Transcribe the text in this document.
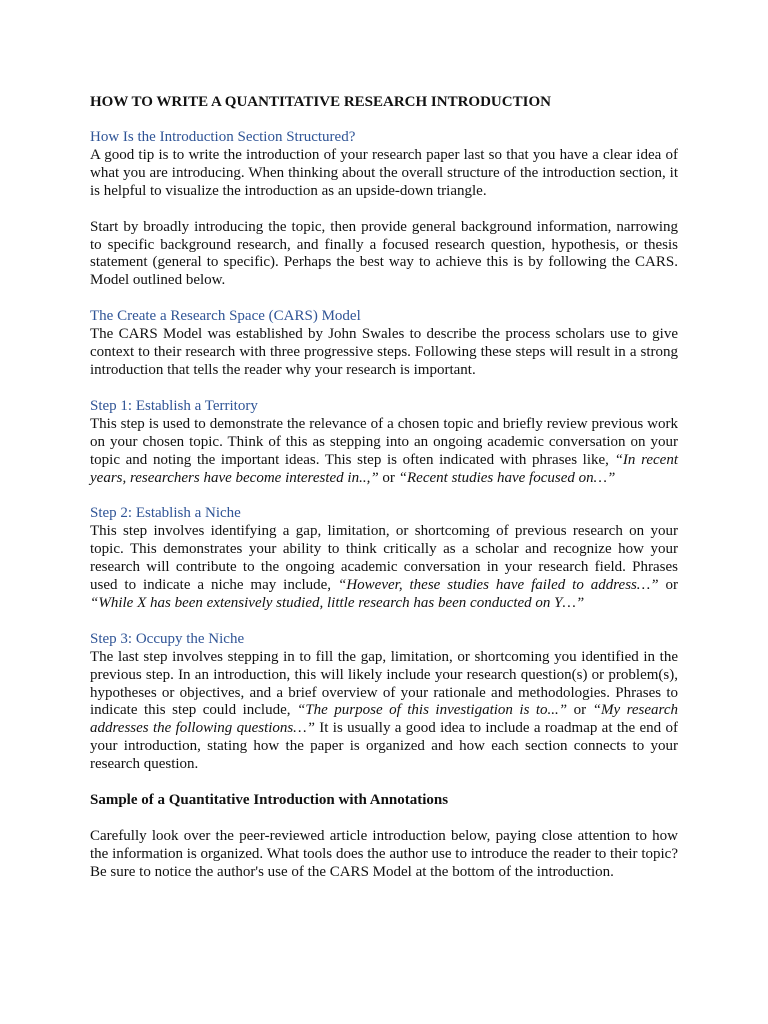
HOW TO WRITE A QUANTITATIVE RESEARCH INTRODUCTION

How Is the Introduction Section Structured?

A good tip is to write the introduction of your research paper last so that you have a clear idea of what you are introducing. When thinking about the overall structure of the introduction section, it is helpful to visualize the introduction as an upside-down triangle.

Start by broadly introducing the topic, then provide general background information, narrowing to specific background research, and finally a focused research question, hypothesis, or thesis statement (general to specific). Perhaps the best way to achieve this is by following the CARS. Model outlined below.

The Create a Research Space (CARS) Model

The CARS Model was established by John Swales to describe the process scholars use to give context to their research with three progressive steps. Following these steps will result in a strong introduction that tells the reader why your research is important.

Step 1: Establish a Territory

This step is used to demonstrate the relevance of a chosen topic and briefly review previous work on your chosen topic. Think of this as stepping into an ongoing academic conversation on your topic and noting the important ideas. This step is often indicated with phrases like, “In recent years, researchers have become interested in..,” or “Recent studies have focused on…”

Step 2: Establish a Niche

This step involves identifying a gap, limitation, or shortcoming of previous research on your topic. This demonstrates your ability to think critically as a scholar and recognize how your research will contribute to the ongoing academic conversation in your research field. Phrases used to indicate a niche may include, “However, these studies have failed to address…” or “While X has been extensively studied, little research has been conducted on Y…”

Step 3: Occupy the Niche

The last step involves stepping in to fill the gap, limitation, or shortcoming you identified in the previous step. In an introduction, this will likely include your research question(s) or problem(s), hypotheses or objectives, and a brief overview of your rationale and methodologies. Phrases to indicate this step could include, “The purpose of this investigation is to...” or “My research addresses the following questions…” It is usually a good idea to include a roadmap at the end of your introduction, stating how the paper is organized and how each section connects to your research question.

Sample of a Quantitative Introduction with Annotations

Carefully look over the peer-reviewed article introduction below, paying close attention to how the information is organized. What tools does the author use to introduce the reader to their topic? Be sure to notice the author's use of the CARS Model at the bottom of the introduction.
